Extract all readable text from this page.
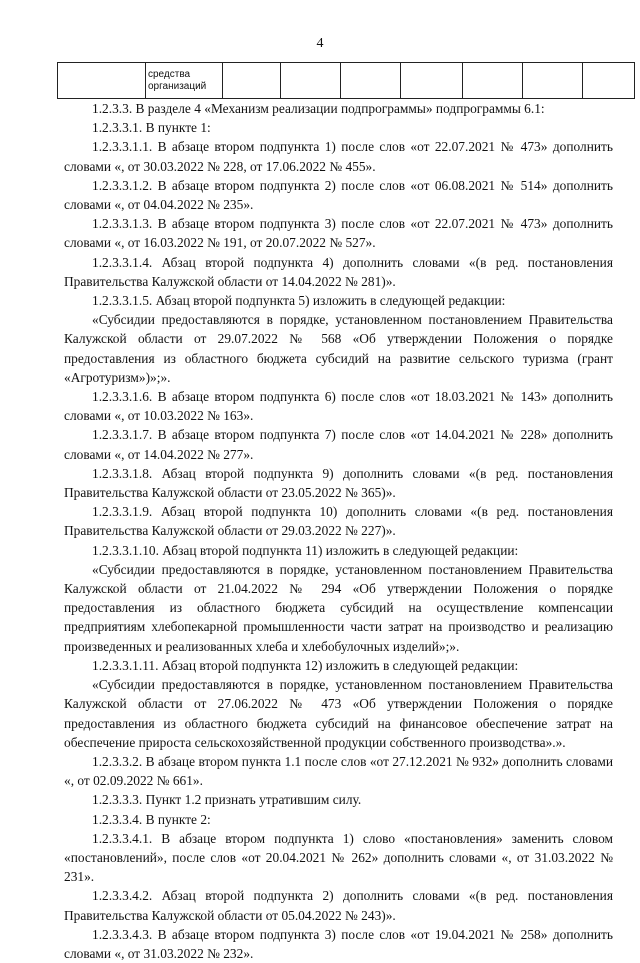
4
	средства
организаций							

1.2.3.3. В разделе 4 «Механизм реализации подпрограммы» подпрограммы 6.1:

1.2.3.3.1. В пункте 1:

1.2.3.3.1.1. В абзаце втором подпункта 1) после слов «от 22.07.2021 № 473» дополнить словами «, от 30.03.2022 № 228, от 17.06.2022 № 455».

1.2.3.3.1.2. В абзаце втором подпункта 2) после слов «от 06.08.2021 № 514» дополнить словами «, от 04.04.2022 № 235».

1.2.3.3.1.3. В абзаце втором подпункта 3) после слов «от 22.07.2021 № 473» дополнить словами «, от 16.03.2022 № 191, от 20.07.2022 № 527».

1.2.3.3.1.4. Абзац второй подпункта 4) дополнить словами «(в ред. постановления Правительства Калужской области от 14.04.2022 № 281)».

1.2.3.3.1.5. Абзац второй подпункта 5) изложить в следующей редакции:

«Субсидии предоставляются в порядке, установленном постановлением Правительства Калужской области от 29.07.2022 № 568 «Об утверждении Положения о порядке предоставления из областного бюджета субсидий на развитие сельского туризма (грант «Агротуризм»)»;».

1.2.3.3.1.6. В абзаце втором подпункта 6) после слов «от 18.03.2021 № 143» дополнить словами «, от 10.03.2022 № 163».

1.2.3.3.1.7. В абзаце втором подпункта 7) после слов «от 14.04.2021 № 228» дополнить словами «, от 14.04.2022 № 277».

1.2.3.3.1.8. Абзац второй подпункта 9) дополнить словами «(в ред. постановления Правительства Калужской области от 23.05.2022 № 365)».

1.2.3.3.1.9. Абзац второй подпункта 10) дополнить словами «(в ред. постановления Правительства Калужской области от 29.03.2022 № 227)».

1.2.3.3.1.10. Абзац второй подпункта 11) изложить в следующей редакции:

«Субсидии предоставляются в порядке, установленном постановлением Правительства Калужской области от 21.04.2022 № 294 «Об утверждении Положения о порядке предоставления из областного бюджета субсидий на осуществление компенсации предприятиям хлебопекарной промышленности части затрат на производство и реализацию произведенных и реализованных хлеба и хлебобулочных изделий»;».

1.2.3.3.1.11. Абзац второй подпункта 12) изложить в следующей редакции:

«Субсидии предоставляются в порядке, установленном постановлением Правительства Калужской области от 27.06.2022 № 473 «Об утверждении Положения о порядке предоставления из областного бюджета субсидий на финансовое обеспечение затрат на обеспечение прироста сельскохозяйственной продукции собственного производства».».

1.2.3.3.2. В абзаце втором пункта 1.1 после слов «от 27.12.2021 № 932» дополнить словами «, от 02.09.2022 № 661».

1.2.3.3.3. Пункт 1.2 признать утратившим силу.

1.2.3.3.4. В пункте 2:

1.2.3.3.4.1. В абзаце втором подпункта 1) слово «постановления» заменить словом «постановлений», после слов «от 20.04.2021 № 262» дополнить словами «, от 31.03.2022 № 231».

1.2.3.3.4.2. Абзац второй подпункта 2) дополнить словами «(в ред. постановления Правительства Калужской области от 05.04.2022 № 243)».

1.2.3.3.4.3. В абзаце втором подпункта 3) после слов «от 19.04.2021 № 258» дополнить словами «, от 31.03.2022 № 232».
